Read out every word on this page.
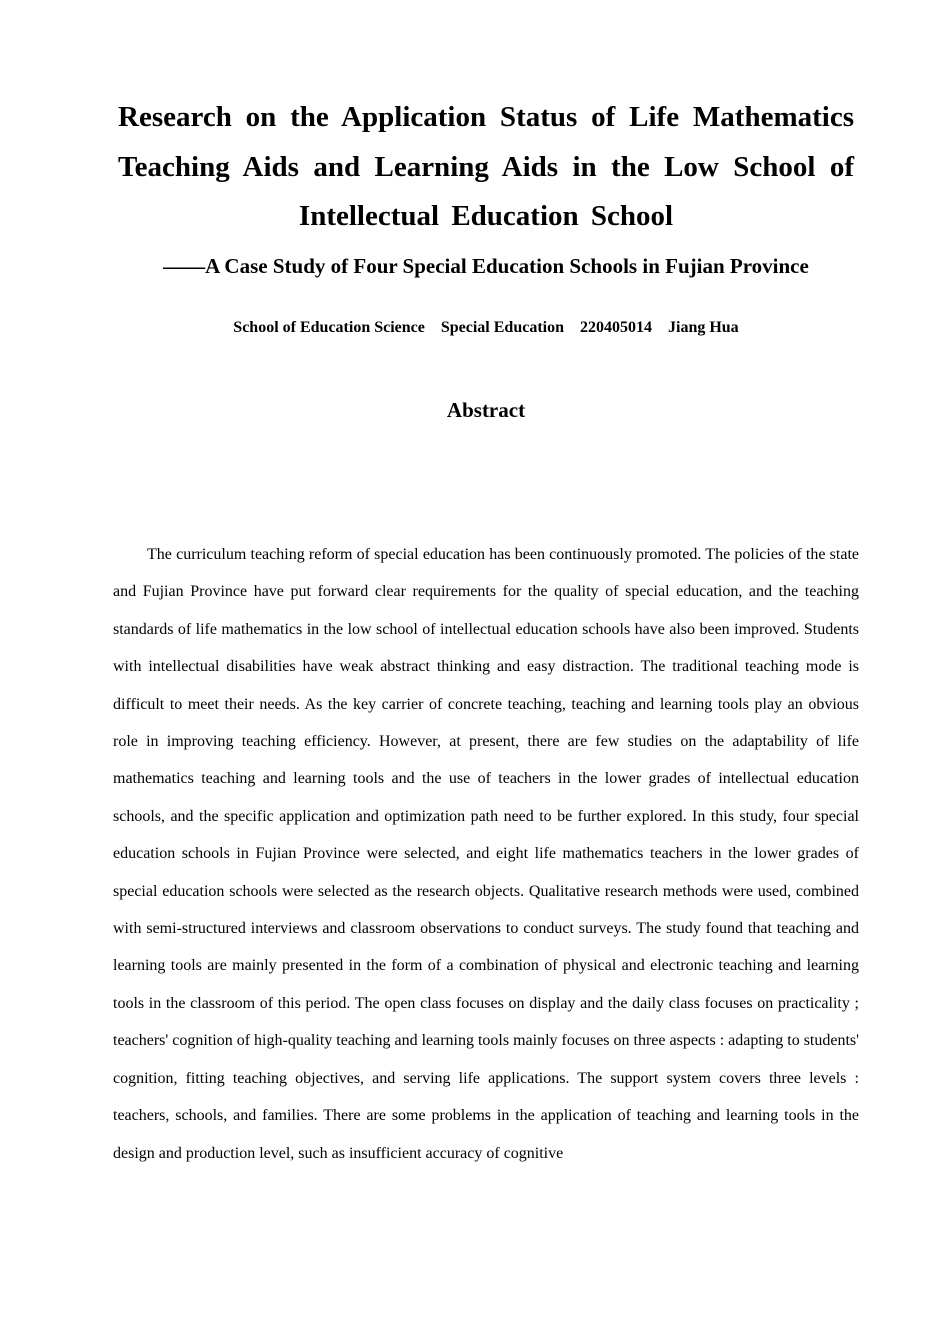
Research on the Application Status of Life Mathematics Teaching Aids and Learning Aids in the Low School of Intellectual Education School
——A Case Study of Four Special Education Schools in Fujian Province

School of Education Science    Special Education    220405014    Jiang Hua

Abstract

The curriculum teaching reform of special education has been continuously promoted. The policies of the state and Fujian Province have put forward clear requirements for the quality of special education, and the teaching standards of life mathematics in the low school of intellectual education schools have also been improved. Students with intellectual disabilities have weak abstract thinking and easy distraction. The traditional teaching mode is difficult to meet their needs. As the key carrier of concrete teaching, teaching and learning tools play an obvious role in improving teaching efficiency. However, at present, there are few studies on the adaptability of life mathematics teaching and learning tools and the use of teachers in the lower grades of intellectual education schools, and the specific application and optimization path need to be further explored. In this study, four special education schools in Fujian Province were selected, and eight life mathematics teachers in the lower grades of special education schools were selected as the research objects. Qualitative research methods were used, combined with semi-structured interviews and classroom observations to conduct surveys. The study found that teaching and learning tools are mainly presented in the form of a combination of physical and electronic teaching and learning tools in the classroom of this period. The open class focuses on display and the daily class focuses on practicality ; teachers' cognition of high-quality teaching and learning tools mainly focuses on three aspects : adapting to students' cognition, fitting teaching objectives, and serving life applications. The support system covers three levels : teachers, schools, and families. There are some problems in the application of teaching and learning tools in the design and production level, such as insufficient accuracy of cognitive
